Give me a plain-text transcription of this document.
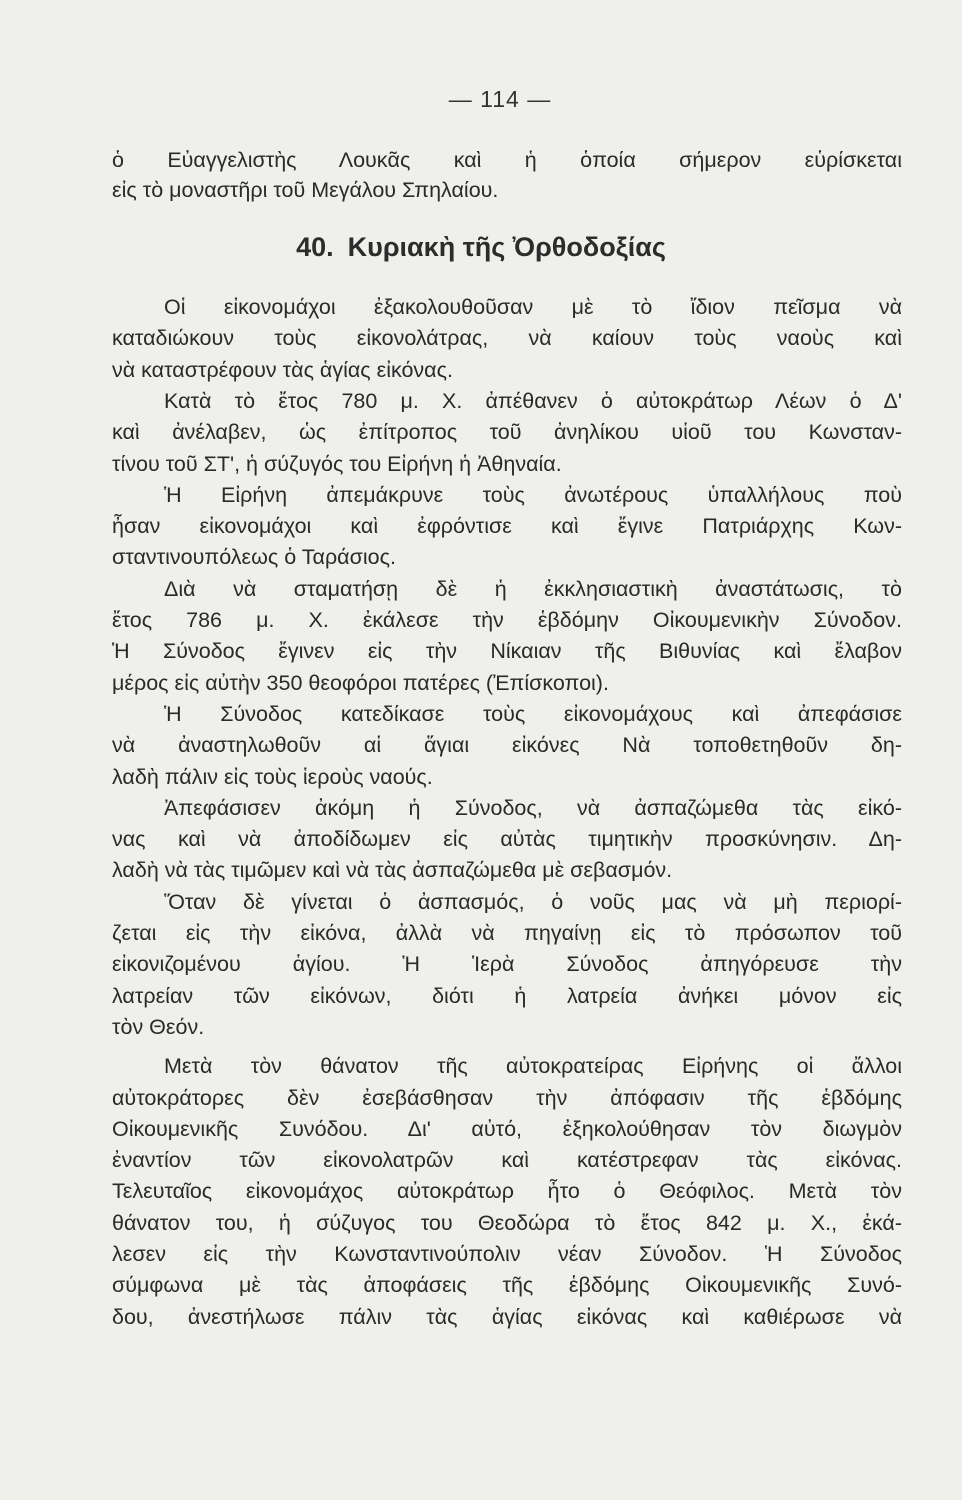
— 114 —
ὁ Εὐαγγελιστὴς Λουκᾶς καὶ ἡ ὁποία σήμερον εὑρίσκεται
εἰς τὸ μοναστῆρι τοῦ Μεγάλου Σπηλαίου.
40. Κυριακὴ τῆς Ὀρθοδοξίας
Οἱ εἰκονομάχοι ἐξακολουθοῦσαν μὲ τὸ ἴδιον πεῖσμα νὰ
καταδιώκουν τοὺς εἰκονολάτρας, νὰ καίουν τοὺς ναοὺς καὶ
νὰ καταστρέφουν τὰς ἁγίας εἰκόνας.
Κατὰ τὸ ἔτος 780 μ. Χ. ἀπέθανεν ὁ αὐτοκράτωρ Λέων ὁ Δ'
καὶ ἀνέλαβεν, ὡς ἐπίτροπος τοῦ ἀνηλίκου υἱοῦ του Κωνσταν-
τίνου τοῦ ΣΤ', ἡ σύζυγός του Εἰρήνη ἡ Ἀθηναία.
Ἡ Εἰρήνη ἀπεμάκρυνε τοὺς ἀνωτέρους ὑπαλλήλους ποὺ
ἦσαν εἰκονομάχοι καὶ ἐφρόντισε καὶ ἔγινε Πατριάρχης Κων-
σταντινουπόλεως ὁ Ταράσιος.
Διὰ νὰ σταματήσῃ δὲ ἡ ἐκκλησιαστικὴ ἀναστάτωσις, τὸ
ἔτος 786 μ. Χ. ἐκάλεσε τὴν ἑβδόμην Οἰκουμενικὴν Σύνοδον.
Ἡ Σύνοδος ἔγινεν εἰς τὴν Νίκαιαν τῆς Βιθυνίας καὶ ἔλαβον
μέρος εἰς αὐτὴν 350 θεοφόροι πατέρες (Ἐπίσκοποι).
Ἡ Σύνοδος κατεδίκασε τοὺς εἰκονομάχους καὶ ἀπεφάσισε
νὰ ἀναστηλωθοῦν αἱ ἅγιαι εἰκόνες Νὰ τοποθετηθοῦν δη-
λαδὴ πάλιν εἰς τοὺς ἱεροὺς ναούς.
Ἀπεφάσισεν ἀκόμη ἡ Σύνοδος, νὰ ἀσπαζώμεθα τὰς εἰκό-
νας καὶ νὰ ἀποδίδωμεν εἰς αὐτὰς τιμητικὴν προσκύνησιν. Δη-
λαδὴ νὰ τὰς τιμῶμεν καὶ νὰ τὰς ἀσπαζώμεθα μὲ σεβασμόν.
Ὅταν δὲ γίνεται ὁ ἀσπασμός, ὁ νοῦς μας νὰ μὴ περιορί-
ζεται εἰς τὴν εἰκόνα, ἀλλὰ νὰ πηγαίνῃ εἰς τὸ πρόσωπον τοῦ
εἰκονιζομένου ἁγίου. Ἡ Ἱερὰ Σύνοδος ἀπηγόρευσε τὴν
λατρείαν τῶν εἰκόνων, διότι ἡ λατρεία ἀνήκει μόνον εἰς
τὸν Θεόν.
Μετὰ τὸν θάνατον τῆς αὐτοκρατείρας Εἰρήνης οἱ ἄλλοι
αὐτοκράτορες δὲν ἐσεβάσθησαν τὴν ἀπόφασιν τῆς ἑβδόμης
Οἰκουμενικῆς Συνόδου. Δι' αὐτό, ἐξηκολούθησαν τὸν διωγμὸν
ἐναντίον τῶν εἰκονολατρῶν καὶ κατέστρεφαν τὰς εἰκόνας.
Τελευταῖος εἰκονομάχος αὐτοκράτωρ ἦτο ὁ Θεόφιλος. Μετὰ τὸν
θάνατον του, ἡ σύζυγος του Θεοδώρα τὸ ἔτος 842 μ. Χ., ἐκά-
λεσεν εἰς τὴν Κωνσταντινούπολιν νέαν Σύνοδον. Ἡ Σύνοδος
σύμφωνα μὲ τὰς ἀποφάσεις τῆς ἑβδόμης Οἰκουμενικῆς Συνό-
δου, ἀνεστήλωσε πάλιν τὰς ἁγίας εἰκόνας καὶ καθιέρωσε νὰ
